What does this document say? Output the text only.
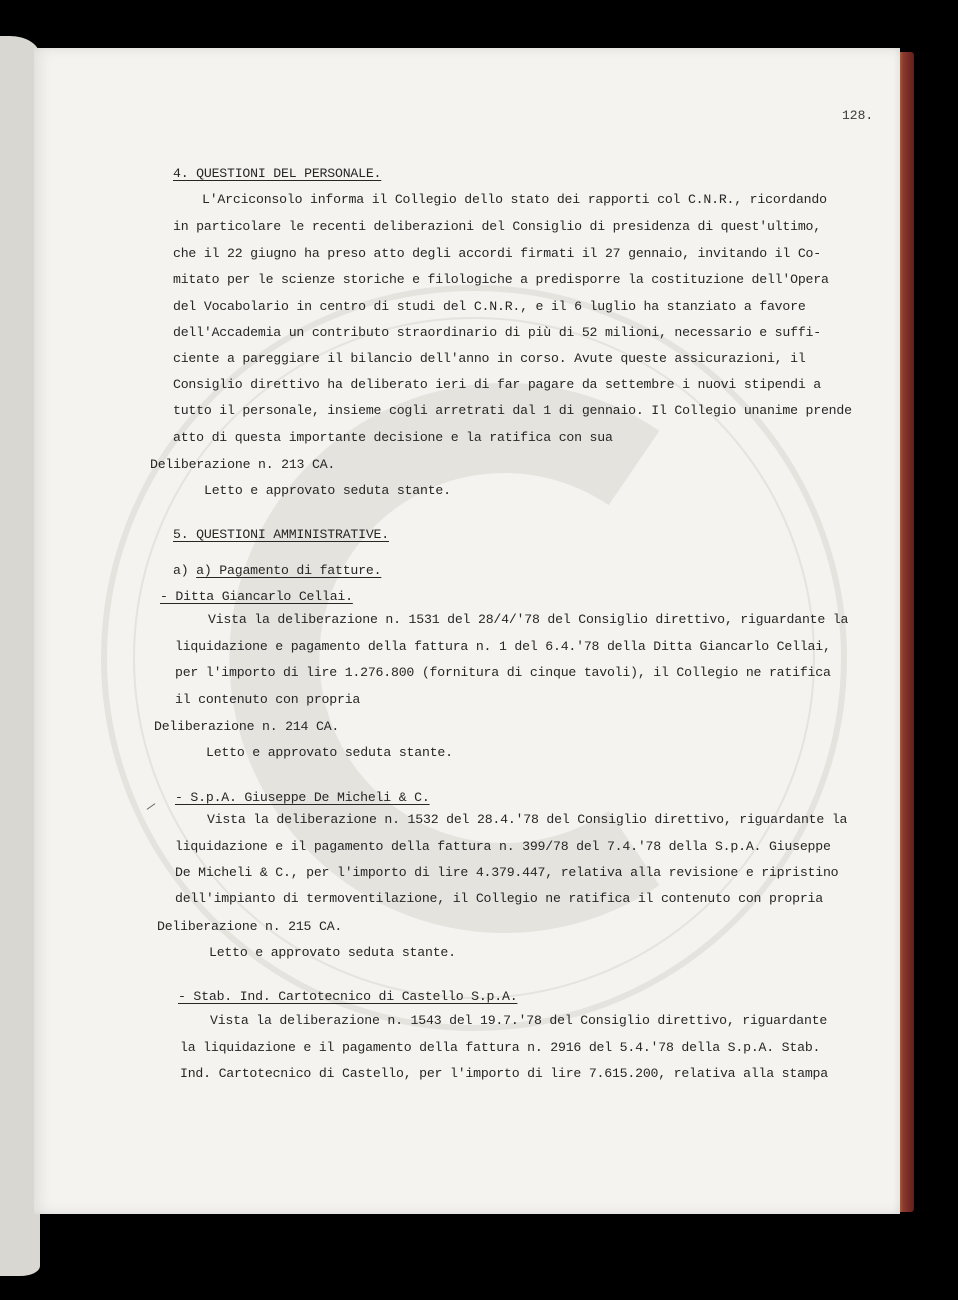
128.
4. QUESTIONI DEL PERSONALE.
L'Arciconsolo informa il Collegio dello stato dei rapporti col C.N.R., ricordando
in particolare le recenti deliberazioni del Consiglio di presidenza di quest'ultimo,
che il 22 giugno ha preso atto degli accordi firmati il 27 gennaio, invitando il Co-
mitato per le scienze storiche e filologiche a predisporre la costituzione dell'Opera
del Vocabolario in centro di studi del C.N.R., e il 6 luglio ha stanziato a favore
dell'Accademia un contributo straordinario di più di 52 milioni, necessario e suffi-
ciente a pareggiare il bilancio dell'anno in corso. Avute queste assicurazioni, il
Consiglio direttivo ha deliberato ieri di far pagare da settembre i nuovi stipendi a
tutto il personale, insieme cogli arretrati dal 1 di gennaio. Il Collegio unanime prende
atto di questa importante decisione e la ratifica con sua
Deliberazione n. 213 CA.
Letto e approvato seduta stante.
5. QUESTIONI AMMINISTRATIVE.
a) a) Pagamento di fatture.
- Ditta Giancarlo Cellai.
Vista la deliberazione n. 1531 del 28/4/'78 del Consiglio direttivo, riguardante la
liquidazione e pagamento della fattura n. 1 del 6.4.'78 della Ditta Giancarlo Cellai,
per l'importo di lire 1.276.800 (fornitura di cinque tavoli), il Collegio ne ratifica
il contenuto con propria
Deliberazione n. 214 CA.
Letto e approvato seduta stante.
- S.p.A. Giuseppe De Micheli & C.
Vista la deliberazione n. 1532 del 28.4.'78 del Consiglio direttivo, riguardante la
liquidazione e il pagamento della fattura n. 399/78 del 7.4.'78 della S.p.A. Giuseppe
De Micheli & C., per l'importo di lire 4.379.447, relativa alla revisione e ripristino
dell'impianto di termoventilazione, il Collegio ne ratifica il contenuto con propria
Deliberazione n. 215 CA.
Letto e approvato seduta stante.
- Stab. Ind. Cartotecnico di Castello S.p.A.
Vista la deliberazione n. 1543 del 19.7.'78 del Consiglio direttivo, riguardante
la liquidazione e il pagamento della fattura n. 2916 del 5.4.'78 della S.p.A. Stab.
Ind. Cartotecnico di Castello, per l'importo di lire 7.615.200, relativa alla stampa
